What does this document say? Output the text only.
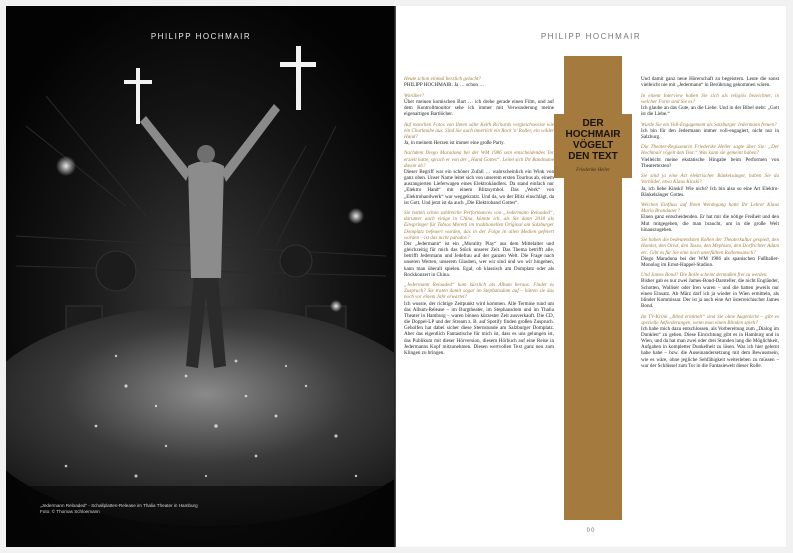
PHILIPP HOCHMAIR
„Jedermann Reloaded“ - Schallplatten-Release im Thalia Theater in Hamburg
Foto: © Thomas Schloemann
PHILIPP HOCHMAIR
DER
HOCHMAIR
VÖGELT
DEN TEXT
Friederike Heller

Heute schon einmal herzlich gelacht?

PHILIPP HOCHMAIR: Ja … schon …

Worüber?

Über meinen komischen Bart … ich drehe gerade einen Film, und auf dem Kontrollmonitor sehe ich immer mit Verwunderung meine eigenartigen Bartlöcher.

Auf manchen Fotos von Ihnen sähe Keith Richards vergleichsweise wie ein Chorknabe aus. Sind Sie auch innerlich ein Rock 'n' Roller, ein wilder Hund?

Ja, in meinem Herzen ist immer eine große Party.

Nachdem Diego Maradona bei der WM 1986 sein entscheidendes Tor erzielt hatte, sprach er von der „Hand Gottes“. Leitet sich Ihr Bandname davon ab?

Dieser Begriff war ein schöner Zufall … wahrscheinlich ein Wink von ganz oben. Unser Name leitet sich von unserem ersten Tourbus ab, einem ausrangierten Lieferwagen eines Elektrohändlers. Da stand einfach nur „Elektro Hand“ mit einem Blitzsymbol. Das „Werk“ von „Elektrohandwerk“ war weggekratzt. Und da, wo der Blitz einschlägt, da ist Gott. Und jetzt ist da auch „Die Elektrohand Gottes“.

Sie hatten schon zahlreiche Performances von „Jedermann Reloaded“, darunter auch einige in China, könnte ich, als Sie dann 2018 als Einspringer für Tobias Moretti im traditionellen Original am Salzburger Domplatz befeuert wurden, das in der Folge in allen Medien gefeiert worden – ist das nicht paradox?

Der „Jedermann“ ist ein „Morality Play“ aus dem Mittelalter und gleichzeitig für mich das Stück unserer Zeit. Das Thema betrifft alle, betrifft Jedermann und Jedefrau auf der ganzen Welt. Die Frage nach unseren Werten, unserem Glauben, wer wir sind und wo wir hingehen, kann man überall spielen. Egal, ob klassisch am Domplatz oder als Rockkonzert in China.

„Jedermann Reloaded“ kam kürzlich als Album heraus. Findet es Zuspruch? Sie traten damit sogar im Stephansdom auf – hätten sie das noch vor einem Jahr erwartet?

Ich wusste, der richtige Zeitpunkt wird kommen. Alle Termine rund um das Album-Release – im Burgtheater, im Stephansdom und im Thalia Theater in Hamburg – waren binnen kürzester Zeit ausverkauft. Die CD, die Doppel-LP und der Stream z. B. auf Spotify finden großen Zuspruch. Geholfen hat dabei sicher diese Sternstunde am Salzburger Domplatz. Aber das eigentlich Fantastische für mich ist, dass es uns gelungen ist, das Publikum mit dieser Hörversion, diesem Hörbuch auf eine Reise in Jedermanns Kopf mitzunehmen. Diesen wertvollen Text ganz neu zum Klingen zu bringen.

Und damit ganz neue Hörerschaft zu begeistern. Leute die sonst vielleicht nie mit „Jedermann“ in Berührung gekommen wären.

In einem Interview haben Sie sich als religiös bezeichnet, in welcher Form sind Sie es?

Ich glaube an das Gute, an die Liebe. Und in der Bibel steht: „Gott ist die Liebe.“

Wurde Sie ein Voll-Engagement als Salzburger Jedermann freuen?

Ich bin für den Jedermann immer voll-engagiert, nicht nur in Salzburg.

Die Theater-Regisseurin Friederike Heller sagte über Sie: „Der Hochmair vögelt den Text.“ Was kann sie gemeint haben?

Vielleicht meine ekstatische Hingabe beim Performen von Theatertexten?

Sie sind ja eine Art elektrischer Bänkelsänger, haben Sie da Vorbilder, etwa Klaus Kinski?

Ja, ich liebe Kinski! Wie nicht? Ich bin also so eine Art Elektro-Bänkelsänger Gottes.

Welchen Einfluss auf Ihren Werdegang hatte Ihr Lehrer Klaus Maria Brandauer?

Einen ganz entscheidenden. Er hat mir die nötige Freiheit und den Mut mitgegeben, die man braucht, um in die große Welt hinauszugehen.

Sie haben die bedeutendsten Rollen der Theaterkultur gespielt, den Hamlet, den Orest, den Tasso, den Mephisto, den Dorfrichter Adam etc. Gibt es für Sie eine noch unerfüllten Rollenwunsch?

Diego Maradona bei der WM 1986 als spanischen Fußballer-Monolog im Ernst-Happel-Stadion.

Und James Bond? Die Rolle scheint dermaßen frei zu werden.

Bisher gab es nur zwei James-Bond-Darsteller, die nicht Engländer, Schotten, Walliser oder Iren waren – und die hatten jeweils nur einen Einsatz. Ab März darf ich ja wieder in Wien ermitteln, als blinder Kommissar. Der ist ja auch eine Art österreichischer James Bond.

Im TV-Krimi „Blind ermittelt“ sind Sie ohne Augenlicht – gibt es spezielle Anforderungen, wenn man einen Blinden spielt?

Ich habe mich dazu entschlossen, als Vorbereitung zum „Dialog im Dunklen“ zu gehen. Diese Einrichtung gibt es in Hamburg und in Wien, und da hat man zwei oder drei Stunden lang die Möglichkeit, Aufgaben in kompletter Dunkelheit zu lösen. Was ich hier gelernt habe habe – bzw. die Auseinandersetzung mit dem Bewusstsein, wie es wäre, ohne jegliche Sehfähigkeit weiterleben zu müssen – war der Schlüssel zum Tor in die Fantasiewelt dieser Rolle.

00
